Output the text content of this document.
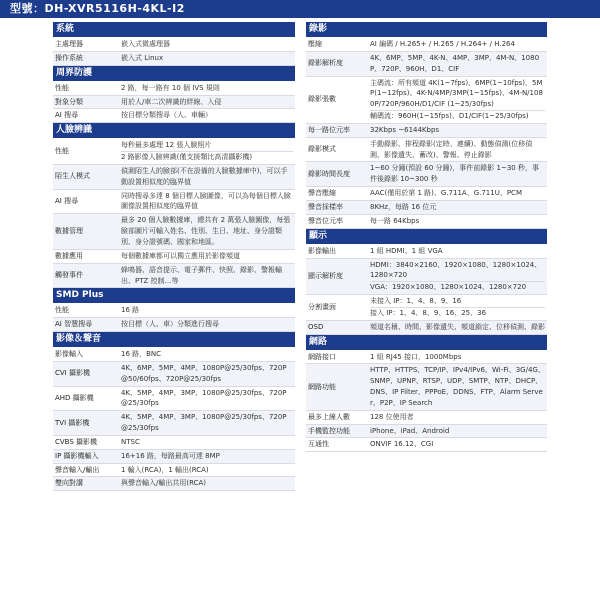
型號：DH-XVR5116H-4KL-I2
系統
主處理器	嵌入式微處理器

操作系統	嵌入式 Linux
周界防護
性能	2 路，每一路有 10 個 IVS 規則

對象分類	用於人/車二次辨識的絆線、入侵

AI 搜尋	按目標分類搜尋（人、車輛）
人臉辨識
性能	每秒最多處理 12 張人臉照片
2 路影像人臉辨識(僅支援類比高清攝影機)

陌生人模式	偵測陌生人的臉部(不在設備的人臉數據庫中)，可以手動設置相似度的臨界值

AI 搜尋	同時搜尋多達 8 個目標人臉圖像，可以為每個目標人臉圖像設置相似度的臨界值

數據管理	最多 20 個人臉數據庫，總共有 2 萬張人臉圖像，每張臉部圖片可輸入姓名、性別、生日、地址、身分證類別、身分證號碼、國家和地區。

數據應用	每個數據庫都可以獨立應用於影像頻道

觸發事件	蜂鳴器、語音提示、電子郵件、快照、錄影、警報輸出、PTZ 控制…等
SMD Plus
性能	16 路

AI 智慧搜尋	按目標（人、車）分類進行搜尋
影像＆聲音
影像輸入	16 路，BNC

CVI 攝影機	4K、6MP、5MP、4MP、1080P@25/30fps、720P@50/60fps、720P@25/30fps

AHD 攝影機	4K、5MP、4MP、3MP、1080P@25/30fps、720P@25/30fps

TVI 攝影機	4K、5MP、4MP、3MP、1080P@25/30fps、720P@25/30fps

CVBS 攝影機	NTSC

IP 攝影機輸入	16+16 路，每路最高可達 8MP

聲音輸入/輸出	1 輸入(RCA)，1 輸出(RCA)

雙向對講	與聲音輸入/輸出共用(RCA)
錄影
壓縮	AI 編碼 / H.265+ / H.265 / H.264+ / H.264

錄影解析度	4K、6MP、5MP、4K-N、4MP、3MP、4M-N、1080P、720P、960H、D1、CIF

錄影張數	主碼流：所有頻道 4K(1~7fps)、6MP(1~10fps)、5MP(1~12fps)、4K-N/4MP/3MP(1~15fps)、4M-N/1080P/720P/960H/D1/CIF (1~25/30fps)
輔碼流：960H(1~15fps)、D1/CIF(1~25/30fps)

每一路位元率	32Kbps ~6144Kbps

錄影模式	手動錄影、排程錄影(定時、連續)、動態偵測(位移偵測、影像遺失、蓄改)、警報、停止錄影

錄影時間長度	1~60 分鐘(預設 60 分鐘)，事件前錄影 1~30 秒，事件後錄影 10~300 秒

聲音壓縮	AAC(僅用於第 1 路)、G.711A、G.711U、PCM

聲音採樣率	8KHz，每路 16 位元

聲音位元率	每一路 64Kbps
顯示
影像輸出	1 組 HDMI、1 組 VGA

顯示解析度	HDMI：3840×2160、1920×1080、1280×1024、1280×720
VGA：1920×1080、1280×1024、1280×720

分割畫面	未接入 IP：1、4、8、9、16
接入 IP：1、4、8、9、16、25、36

OSD	頻道名稱、時間、影像遺失、頻道鎖定、位移偵測、錄影
網路
網路接口	1 組 RJ45 接口，1000Mbps

網路功能	HTTP、HTTPS、TCP/IP、IPv4/IPv6、Wi-Fi、3G/4G、SNMP、UPNP、RTSP、UDP、SMTP、NTP、DHCP、DNS、IP Filter、PPPoE、DDNS、FTP、Alarm Server、P2P、IP Search

最多上線人數	128 位使用者

手機監控功能	iPhone、iPad、Android

互通性	ONVIF 16.12、CGI
